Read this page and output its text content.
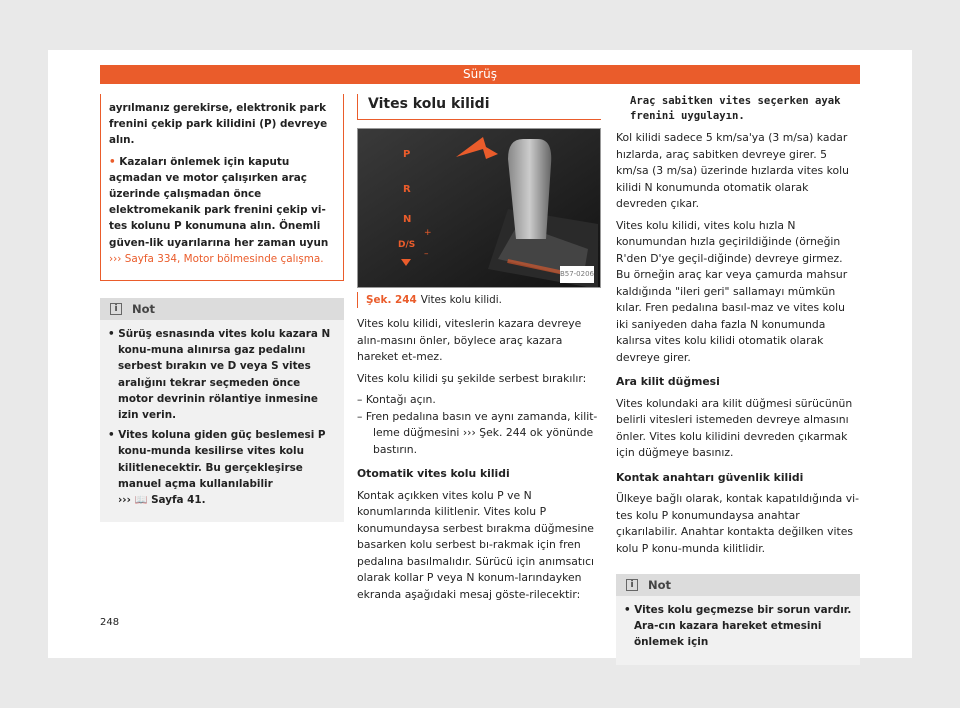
Sürüş

ayrılmanız gerekirse, elektronik park frenini çekip park kilidini (P) devreye alın.

• Kazaları önlemek için kaputu açmadan ve motor çalışırken araç üzerinde çalışmadan önce elektromekanik park frenini çekip vi-tes kolunu P konumuna alın. Önemli güven-lik uyarılarına her zaman uyun ››› Sayfa 334, Motor bölmesinde çalışma.

i	Not
• Sürüş esnasında vites kolu kazara N konu-muna alınırsa gaz pedalını serbest bırakın ve D veya S vites aralığını tekrar seçmeden önce motor devrinin rölantiye inmesine izin verin.
• Vites koluna giden güç beslemesi P konu-munda kesilirse vites kolu kilitlenecektir. Bu gerçekleşirse manuel açma kullanılabilir
››› 📖 Sayfa 41.
Vites kolu kilidi
P
R
N
D/S
+
–
B57-0206
Şek. 244 Vites kolu kilidi.

Vites kolu kilidi, viteslerin kazara devreye alın-masını önler, böylece araç kazara hareket et-mez.

Vites kolu kilidi şu şekilde serbest bırakılır:

– Kontağı açın.
– Fren pedalına basın ve aynı zamanda, kilit-leme düğmesini ››› Şek. 244 ok yönünde bastırın.

Otomatik vites kolu kilidi

Kontak açıkken vites kolu P ve N konumlarında kilitlenir. Vites kolu P konumundaysa serbest bırakma düğmesine basarken kolu serbest bı-rakmak için fren pedalına basılmalıdır. Sürücü için anımsatıcı olarak kollar P veya N konum-larındayken ekranda aşağıdaki mesaj göste-rilecektir:

Araç sabitken vites seçerken ayak frenini uygulayın.

Kol kilidi sadece 5 km/sa'ya (3 m/sa) kadar hızlarda, araç sabitken devreye girer. 5 km/sa (3 m/sa) üzerinde hızlarda vites kolu kilidi N konumunda otomatik olarak devreden çıkar.

Vites kolu kilidi, vites kolu hızla N konumundan hızla geçirildiğinde (örneğin R'den D'ye geçil-diğinde) devreye girmez. Bu örneğin araç kar veya çamurda mahsur kaldığında "ileri geri" sallamayı mümkün kılar. Fren pedalına basıl-maz ve vites kolu iki saniyeden daha fazla N konumunda kalırsa vites kolu kilidi otomatik olarak devreye girer.

Ara kilit düğmesi

Vites kolundaki ara kilit düğmesi sürücünün belirli vitesleri istemeden devreye almasını önler. Vites kolu kilidini devreden çıkarmak için düğmeye basınız.

Kontak anahtarı güvenlik kilidi

Ülkeye bağlı olarak, kontak kapatıldığında vi-tes kolu P konumundaysa anahtar çıkarılabilir. Anahtar kontakta değilken vites kolu P konu-munda kilitlidir.

i	Not
• Vites kolu geçmezse bir sorun vardır. Ara-cın kazara hareket etmesini önlemek için
248
